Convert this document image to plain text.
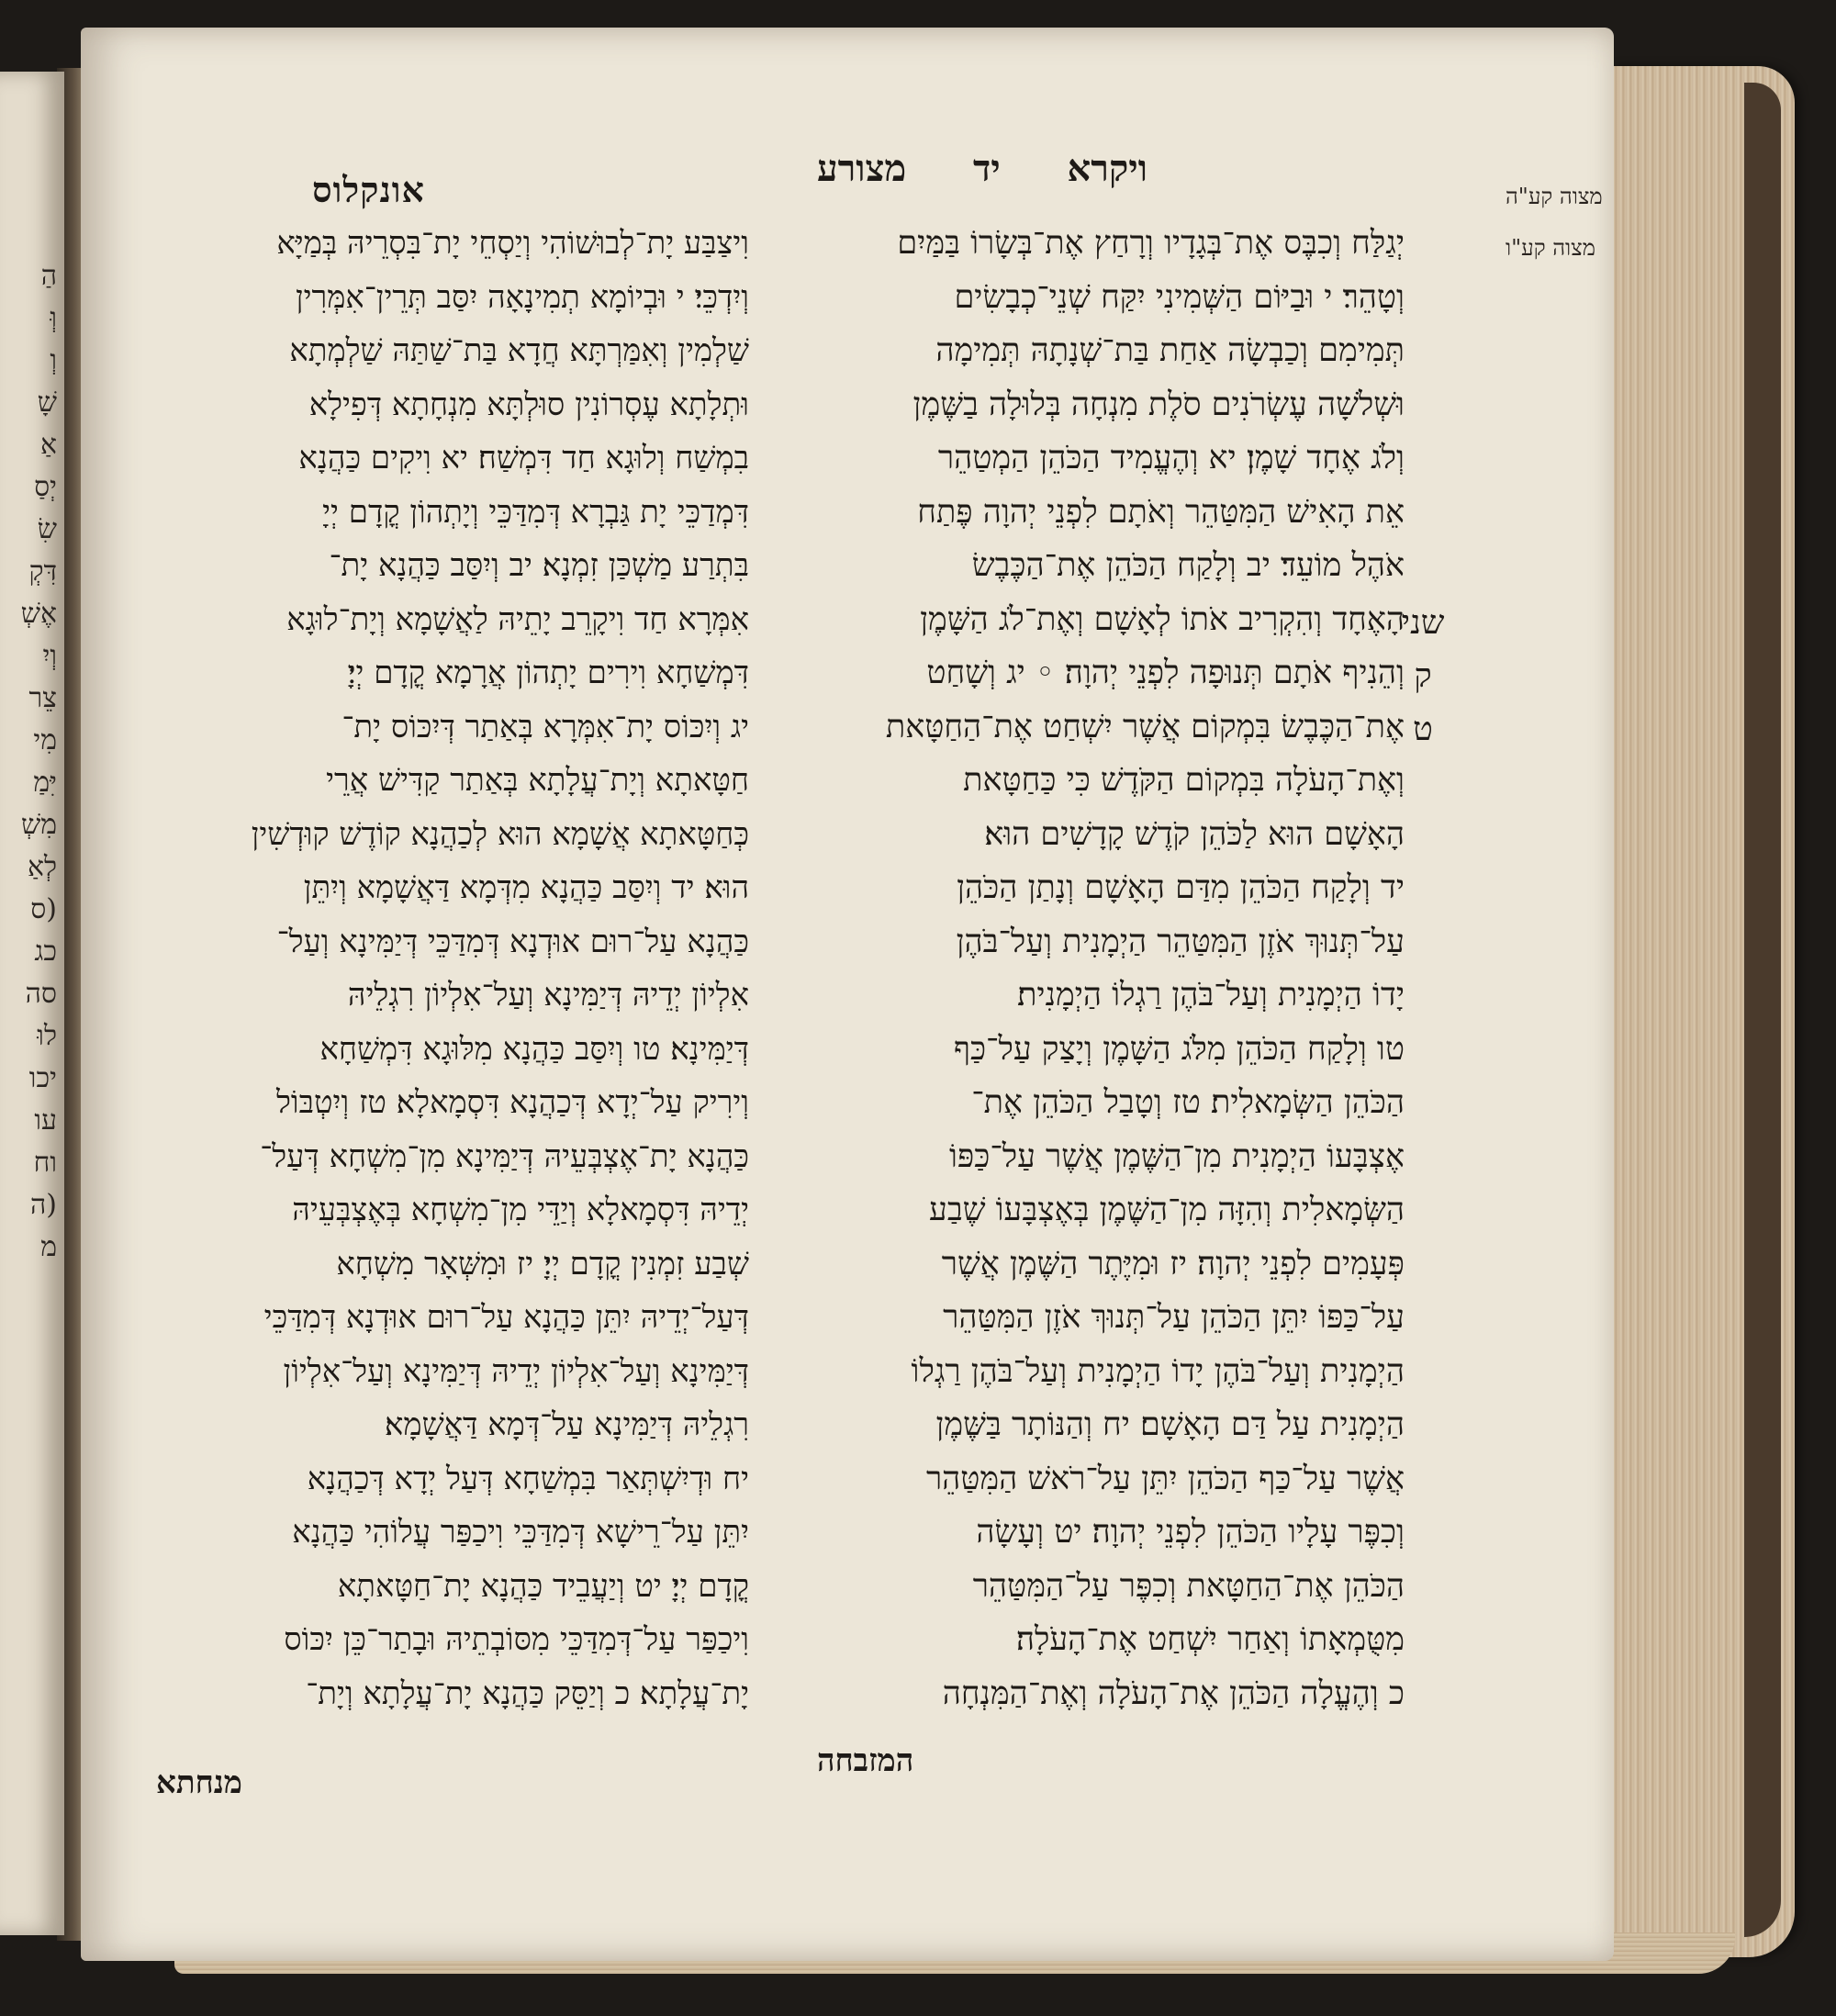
הַ
וְּ
וְ
שָׁ
אַ
יְסַ
שִׂ
דִּקְ
אֶשְׁ
וְיִ
צֵר
מִי
יִּמַ
מִשְׁ
לְאַ
(ס
כג
סה
לוּ
יכו
עו
וח
(ה
מ
אונקלוס	ויקרא
יד
מצורע
מצוה קע"ה
מצוה קע"ו
שני
ק
ט
וִיצַבַּע יָת־לְבוּשׁוֹהִי וְיַסְחֵי יָת־בִּסְרֵיהּ בְּמַיָּא
וְיִדְכֵּי׃ י וּבְיוֹמָא תְמִינָאָה יִסַּב תְּרֵין־אִמְּרִין
שַׁלְמִין וְאִמַּרְתָּא חֲדָא בַּת־שַׁתַּהּ שַׁלְמְתָא
וּתְלָתָא עֶסְרוֹנִין סוּלְתָּא מִנְחָתָא דְּפִילָא
בִמְשַׁח וְלוּגָא חַד דִּמְשַׁח׃ יא וִיקִים כַּהֲנָא
דִּמְדַכֵּי יָת גַּבְרָא דְּמִדַּכֵּי וְיָתְהוֹן קֳדָם יְיָ
בִּתְרַע מַשְׁכַּן זִמְנָא׃ יב וְיִסַּב כַּהֲנָא יָת־
אִמְּרָא חַד וִיקָרֵב יָתֵיהּ לַאֲשָׁמָא וְיָת־לוּגָא
דִּמְשַׁחָא וִירִים יָתְהוֹן אֲרָמָא קֳדָם יְיָ׃
יג וְיִכּוֹס יָת־אִמְּרָא בְּאַתַר דְּיִכּוֹס יָת־
חַטָּאתָא וְיָת־עֲלָתָא בְּאַתַר קַדִּישׁ אֲרֵי
כְּחַטָּאתָא אֲשָׁמָא הוּא לְכַהֲנָא קוֹדֶשׁ קוּדְשִׁין
הוּא׃ יד וְיִסַּב כַּהֲנָא מִדְּמָא דַּאֲשָׁמָא וְיִתֵּן
כַּהֲנָא עַל־רוּם אוּדְנָא דְּמִדַּכֵּי דְּיַמִּינָא וְעַל־
אִלְיוֹן יְדֵיהּ דְּיַמִּינָא וְעַל־אִלְיוֹן רִגְלֵיהּ
דְּיַמִּינָא׃ טו וְיִסַּב כַּהֲנָא מִלּוּגָא דִּמְשַׁחָא
וְירִיק עַל־יְדָא דְּכַהֲנָא דִּסְמָאלָא׃ טז וְיִטְבּוֹל
כַּהֲנָא יָת־אֶצְבְּעֵיהּ דְּיַמִּינָא מִן־מִשְׁחָא דְּעַל־
יְדֵיהּ דִּסְמָאלָא וְיַדֵּי מִן־מִשְׁחָא בְּאֶצְבְּעֵיהּ
שְׁבַע זִמְנִין קֳדָם יְיָ׃ יז וּמִשְּׁאָר מִשְׁחָא
דְּעַל־יְדֵיהּ יִתֵּן כַּהֲנָא עַל־רוּם אוּדְנָא דְּמִדַּכֵּי
דְּיַמִּינָא וְעַל־אִלְיוֹן יְדֵיהּ דְּיַמִּינָא וְעַל־אִלְיוֹן
רִגְלֵיהּ דְּיַמִּינָא עַל־דְּמָא דַּאֲשָׁמָא׃
יח וּדְיִשְׁתְּאַר בִּמְשַׁחָא דְּעַל יְדָא דְּכַהֲנָא
יִתֵּן עַל־רֵישָׁא דְּמִדַּכֵּי וִיכַפַּר עֲלוֹהִי כַּהֲנָא
קֳדָם יְיָ׃ יט וְיַעֲבֵיד כַּהֲנָא יָת־חַטָּאתָא
וִיכַפַּר עַל־דְּמִדַּכֵּי מִסּוֹבְתֵיהּ וּבָתַר־כֵּן יִכּוֹס
יָת־עֲלָתָא׃ כ וְיַסֵּק כַּהֲנָא יָת־עֲלָתָא וְיָת־
יְגַלַּח וְכִבֶּס אֶת־בְּגָדָיו וְרָחַץ אֶת־בְּשָׂרוֹ בַּמַּיִם
וְטָהֵר׃ י וּבַיּוֹם הַשְּׁמִינִי יִקַּח שְׁנֵי־כְבָשִׂים
תְּמִימִם וְכַבְשָׂה אַחַת בַּת־שְׁנָתָהּ תְּמִימָה
וּשְׁלֹשָׁה עֶשְׂרֹנִים סֹלֶת מִנְחָה בְּלוּלָה בַשֶּׁמֶן
וְלֹג אֶחָד שָׁמֶן׃ יא וְהֶעֱמִיד הַכֹּהֵן הַמְטַהֵר
אֵת הָאִישׁ הַמִּטַּהֵר וְאֹתָם לִפְנֵי יְהוָה פֶּתַח
אֹהֶל מוֹעֵד׃ יב וְלָקַח הַכֹּהֵן אֶת־הַכֶּבֶשׂ
הָאֶחָד וְהִקְרִיב אֹתוֹ לְאָשָׁם וְאֶת־לֹג הַשָּׁמֶן
וְהֵנִיף אֹתָם תְּנוּפָה לִפְנֵי יְהוָה׃ ◦ יג וְשָׁחַט
אֶת־הַכֶּבֶשׂ בִּמְקוֹם אֲשֶׁר יִשְׁחַט אֶת־הַחַטָּאת
וְאֶת־הָעֹלָה בִּמְקוֹם הַקֹּדֶשׁ כִּי כַּחַטָּאת
הָאָשָׁם הוּא לַכֹּהֵן קֹדֶשׁ קָדָשִׁים הוּא׃
יד וְלָקַח הַכֹּהֵן מִדַּם הָאָשָׁם וְנָתַן הַכֹּהֵן
עַל־תְּנוּךְ אֹזֶן הַמִּטַּהֵר הַיְמָנִית וְעַל־בֹּהֶן
יָדוֹ הַיְמָנִית וְעַל־בֹּהֶן רַגְלוֹ הַיְמָנִית׃
טו וְלָקַח הַכֹּהֵן מִלֹּג הַשָּׁמֶן וְיָצַק עַל־כַּף
הַכֹּהֵן הַשְּׂמָאלִית׃ טז וְטָבַל הַכֹּהֵן אֶת־
אֶצְבָּעוֹ הַיְמָנִית מִן־הַשֶּׁמֶן אֲשֶׁר עַל־כַּפּוֹ
הַשְּׂמָאלִית וְהִזָּה מִן־הַשֶּׁמֶן בְּאֶצְבָּעוֹ שֶׁבַע
פְּעָמִים לִפְנֵי יְהוָה׃ יז וּמִיֶּתֶר הַשֶּׁמֶן אֲשֶׁר
עַל־כַּפּוֹ יִתֵּן הַכֹּהֵן עַל־תְּנוּךְ אֹזֶן הַמִּטַּהֵר
הַיְמָנִית וְעַל־בֹּהֶן יָדוֹ הַיְמָנִית וְעַל־בֹּהֶן רַגְלוֹ
הַיְמָנִית עַל דַּם הָאָשָׁם׃ יח וְהַנּוֹתָר בַּשֶּׁמֶן
אֲשֶׁר עַל־כַּף הַכֹּהֵן יִתֵּן עַל־רֹאשׁ הַמִּטַּהֵר
וְכִפֶּר עָלָיו הַכֹּהֵן לִפְנֵי יְהוָה׃ יט וְעָשָׂה
הַכֹּהֵן אֶת־הַחַטָּאת וְכִפֶּר עַל־הַמִּטַּהֵר
מִטֻּמְאָתוֹ וְאַחַר יִשְׁחַט אֶת־הָעֹלָה׃
כ וְהֶעֱלָה הַכֹּהֵן אֶת־הָעֹלָה וְאֶת־הַמִּנְחָה
מנחתא
המזבחה
